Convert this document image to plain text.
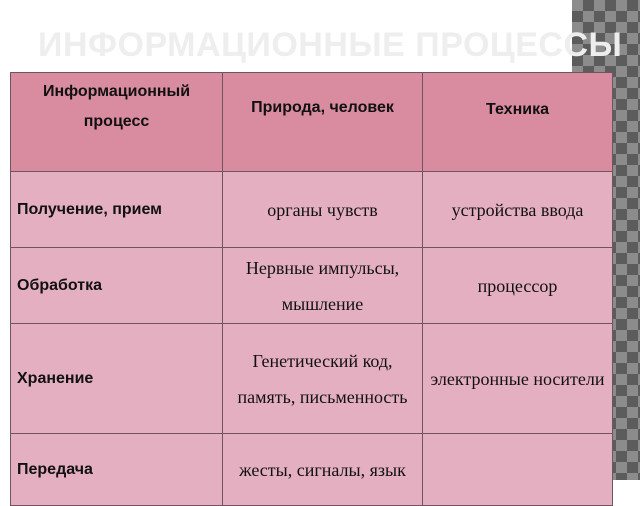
ИНФОРМАЦИОННЫЕ ПРОЦЕССЫ
Информационный процесс	Природа, человек	Техника
Получение, прием	органы чувств	устройства ввода
Обработка	Нервные импульсы, мышление	процессор
Хранение	Генетический код, память, письменность	электронные носители
Передача	жесты, сигналы, язык	
